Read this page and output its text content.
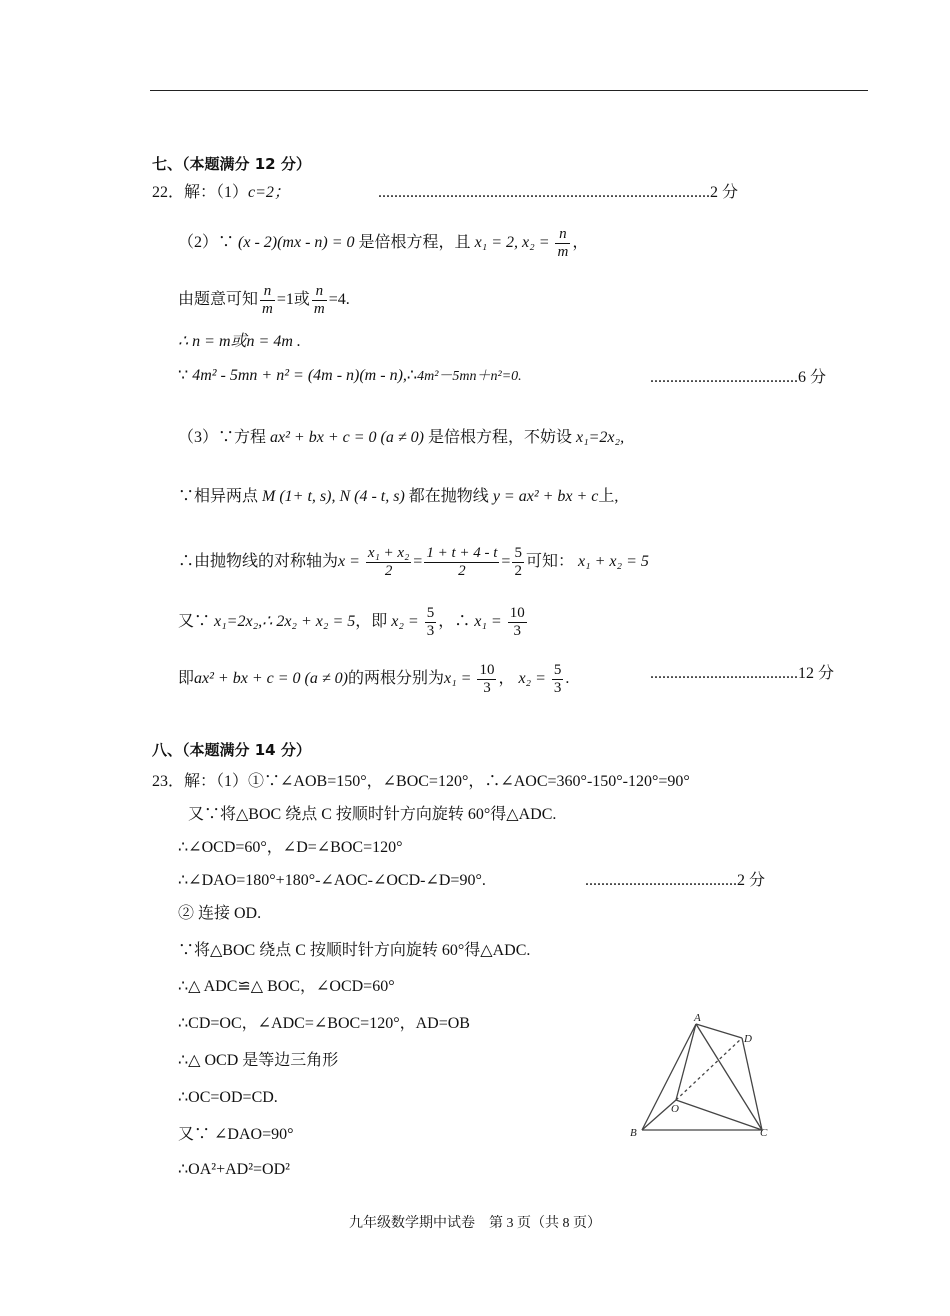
七、（本题满分 12 分）
22．解：（1）c=2；	...................................................................................2 分
（2）∵ (x - 2)(mx - n) = 0 是倍根方程，且 x₁ = 2, $x_2 = \frac{n}{m}$ ，
由题意可知 $\frac{n}{m} =1$或 $\frac{n}{m} =4$.
∴ n = m或n = 4m .
∵ 4m² - 5mn + n² = (4m - n)(m - n),∴4m²－5mn＋n²=0.	.....................................6 分
（3）∵方程 ax² + bx + c = 0 (a ≠ 0) 是倍根方程，不妨设 x₁=2x₂,
∵相异两点 M (1+ t, s), N (4 - t, s) 都在抛物线 y = ax² + bx + c上,
∴由抛物线的对称轴为$x = \frac{\text{x₁ + x₂}}{2} = \frac{1 + t + 4 - t}{2} = \frac{5}{2}$ 可知： x₁ + x₂ = 5
又∵ x₁=2x₂,∴ 2x₂ + x₂ = 5，即 $x_2 = \frac{5}{3}$ ，∴ $x_1 = \frac{10}{3}$
即ax² + bx + c = 0 (a ≠ 0)的两根分别为$x_1 = \frac{10}{3}$ ， $x_2 = \frac{5}{3}$ .	.....................................12 分
八、（本题满分 14 分）
23．解：（1）①∵∠AOB=150°，∠BOC=120°，∴∠AOC=360°-150°-120°=90°
又∵将△BOC 绕点 C 按顺时针方向旋转 60°得△ADC.
∴∠OCD=60°，∠D=∠BOC=120°
∴∠DAO=180°+180°-∠AOC-∠OCD-∠D=90°.	......................................2 分
② 连接 OD.
∵将△BOC 绕点 C 按顺时针方向旋转 60°得△ADC.
∴△ ADC≌△ BOC，∠OCD=60°
∴CD=OC，∠ADC=∠BOC=120°，AD=OB
∴△ OCD 是等边三角形
∴OC=OD=CD.
又∵ ∠DAO=90°
∴OA²+AD²=OD²
A
B	C
D
O
九年级数学期中试卷　第 3 页（共 8 页）
